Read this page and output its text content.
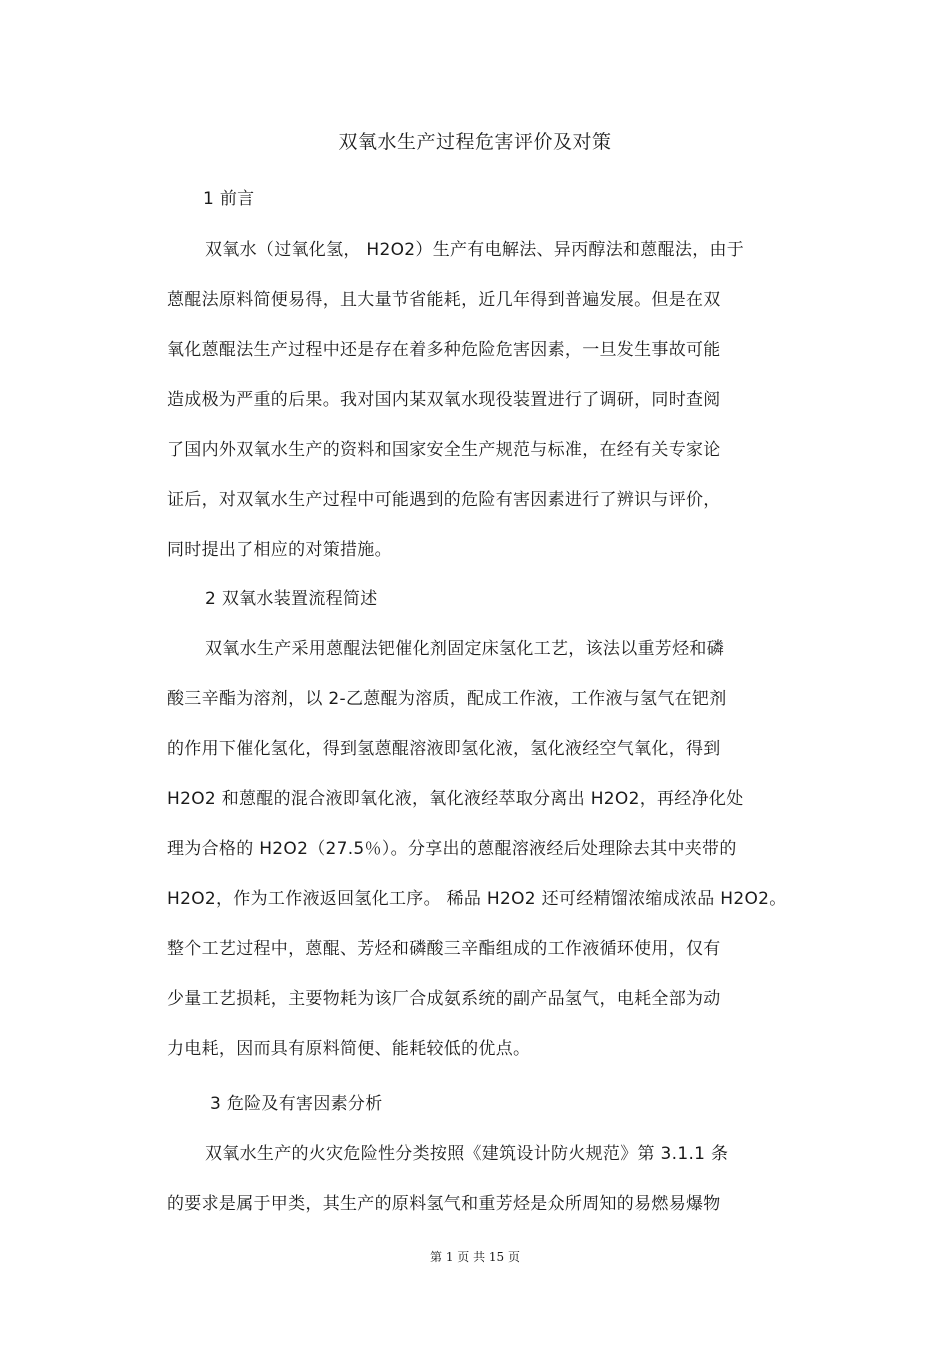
双氧水生产过程危害评价及对策
1 前言
双氧水（过氧化氢， H2O2）生产有电解法、异丙醇法和蒽醌法，由于
蒽醌法原料简便易得，且大量节省能耗，近几年得到普遍发展。但是在双
氧化蒽醌法生产过程中还是存在着多种危险危害因素，一旦发生事故可能
造成极为严重的后果。我对国内某双氧水现役装置进行了调研，同时查阅
了国内外双氧水生产的资料和国家安全生产规范与标准，在经有关专家论
证后，对双氧水生产过程中可能遇到的危险有害因素进行了辨识与评价，
同时提出了相应的对策措施。
2 双氧水装置流程简述
双氧水生产采用蒽醌法钯催化剂固定床氢化工艺，该法以重芳烃和磷
酸三辛酯为溶剂，以 2-乙蒽醌为溶质，配成工作液，工作液与氢气在钯剂
的作用下催化氢化，得到氢蒽醌溶液即氢化液，氢化液经空气氧化，得到
H2O2 和蒽醌的混合液即氧化液，氧化液经萃取分离出 H2O2，再经净化处
理为合格的 H2O2（27.5％）。分享出的蒽醌溶液经后处理除去其中夹带的
H2O2，作为工作液返回氢化工序。 稀品 H2O2 还可经精馏浓缩成浓品 H2O2。
整个工艺过程中，蒽醌、芳烃和磷酸三辛酯组成的工作液循环使用，仅有
少量工艺损耗，主要物耗为该厂合成氨系统的副产品氢气，电耗全部为动
力电耗，因而具有原料简便、能耗较低的优点。
3 危险及有害因素分析
双氧水生产的火灾危险性分类按照《建筑设计防火规范》第 3.1.1 条
的要求是属于甲类，其生产的原料氢气和重芳烃是众所周知的易燃易爆物
第 1 页 共 15 页
